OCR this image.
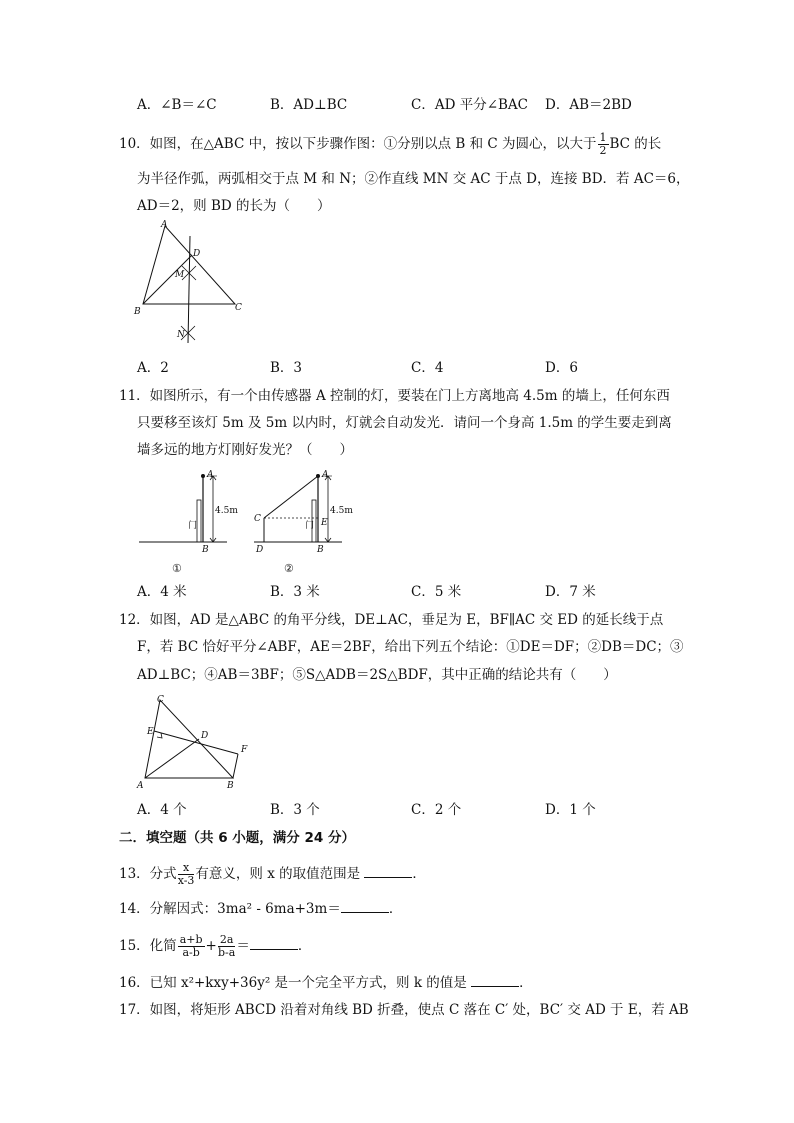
A．∠B＝∠C	B．AD⊥BC	C．AD 平分∠BAC D．AB＝2BD
10．如图，在△ABC 中，按以下步骤作图：①分别以点 B 和 C 为圆心，以大于 $\frac{1}{2}$ BC 的长
为半径作弧，两弧相交于点 M 和 N；②作直线 MN 交 AC 于点 D，连接 BD．若 AC＝6，
AD＝2，则 BD 的长为（　　）
A
B	C
D
M
N
A．2	B．3	C．4	D．6
11．如图所示，有一个由传感器 A 控制的灯，要装在门上方离地高 4.5m 的墙上，任何东西
只要移至该灯 5m 及 5m 以内时，灯就会自动发光．请问一个身高 1.5m 的学生要走到离
墙多远的地方灯刚好发光？（　　）
A
B
4.5m
门
①
A
B
C
D
E
4.5m
门
②
A．4 米	B．3 米	C．5 米	D．7 米
12．如图，AD 是△ABC 的角平分线，DE⊥AC，垂足为 E，BF∥AC 交 ED 的延长线于点
F，若 BC 恰好平分∠ABF，AE＝2BF，给出下列五个结论：①DE＝DF；②DB＝DC；③
AD⊥BC；④AB＝3BF；⑤S△ADB＝2S△BDF，其中正确的结论共有（　　）
C
E	D
F
A	B
A．4 个	B．3 个	C．2 个	D．1 个
二．填空题（共 6 小题，满分 24 分）
13．分式 $\frac{x}{x-3}$ 有意义，则 x 的取值范围是	．
14．分解因式：3ma² - 6ma+3m＝	．
15．化简 $\frac{a+b}{a-b} + \frac{2a}{b-a}$ ＝	．
16．已知 x²+kxy+36y² 是一个完全平方式，则 k 的值是	．
17．如图，将矩形 ABCD 沿着对角线 BD 折叠，使点 C 落在 C′ 处，BC′ 交 AD 于 E，若 AB
